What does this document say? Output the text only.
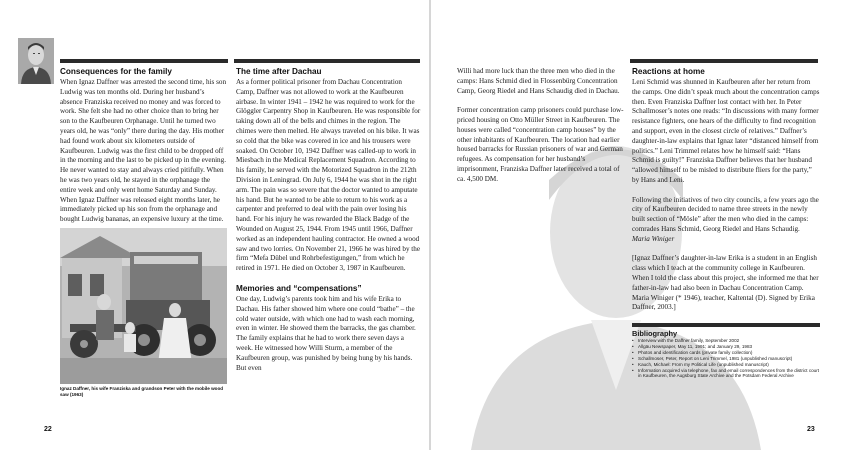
Consequences for the family

When Ignaz Daffner was arrested the second time, his son Ludwig was ten months old. During her husband’s absence Franziska received no money and was forced to work. She felt she had no other choice than to bring her son to the Kaufbeuren Orphanage. Until he turned two years old, he was “only” there during the day. His mother had found work about six kilometers outside of Kaufbeuren. Ludwig was the first child to be dropped off in the morning and the last to be picked up in the evening. He never wanted to stay and always cried pitifully. When he was two years old, he stayed in the orphanage the entire week and only went home Saturday and Sunday. When Ignaz Daffner was released eight months later, he immediately picked up his son from the orphanage and bought Ludwig bananas, an expensive luxury at the time.

Ignaz Daffner, his wife Franziska and grandson Peter with the mobile wood saw (1963)
The time after Dachau

As a former political prisoner from Dachau Concentration Camp, Daffner was not allowed to work at the Kaufbeuren airbase. In winter 1941 – 1942 he was required to work for the Glöggler Carpentry Shop in Kaufbeuren. He was responsible for taking down all of the bells and chimes in the region. The chimes were then melted. He always traveled on his bike. It was so cold that the bike was covered in ice and his trousers were soaked. On October 10, 1942 Daffner was called-up to work in Miesbach in the Medical Replacement Squadron. According to his family, he served with the Motorized Squadron in the 212th Division in Leningrad. On July 6, 1944 he was shot in the right arm. The pain was so severe that the doctor wanted to amputate his hand. But he wanted to be able to return to his work as a carpenter and preferred to deal with the pain over losing his hand. For his injury he was rewarded the Black Badge of the Wounded on August 25, 1944. From 1945 until 1966, Daffner worked as an independent hauling contractor. He owned a wood saw and two lorries. On November 21, 1966 he was hired by the firm “Mefa Dübel und Rohrbefestigungen,” from which he retired in 1971. He died on October 3, 1987 in Kaufbeuren.

Memories and “compensations”

One day, Ludwig’s parents took him and his wife Erika to Dachau. His father showed him where one could “bathe” – the cold water outside, with which one had to wash each morning, even in winter. He showed them the barracks, the gas chamber. The family explains that he had to work there seven days a week. He witnessed how Willi Sturm, a member of the Kaufbeuren group, was punished by being hung by his hands. But even

22

Willi had more luck than the three men who died in the camps: Hans Schmid died in Flossenbürg Concentration Camp, Georg Riedel and Hans Schaudig died in Dachau.

Former concentration camp prisoners could purchase low-priced housing on Otto Müller Street in Kaufbeuren. The houses were called “concentration camp houses” by the other inhabitants of Kaufbeuren. The location had earlier housed barracks for Russian prisoners of war and German refugees. As compensation for her husband’s imprisonment, Franziska Daffner later received a total of ca. 4,500 DM.

Reactions at home

Leni Schmid was shunned in Kaufbeuren after her return from the camps. One didn’t speak much about the concentration camps then. Even Franziska Daffner lost contact with her. In Peter Schallmoser’s notes one reads: “In discussions with many former resistance fighters, one hears of the difficulty to find recognition and support, even in the closest circle of relatives.” Daffner’s daughter-in-law explains that Ignaz later “distanced himself from politics.” Leni Trimmel relates how he himself said: “Hans Schmid is guilty!” Franziska Daffner believes that her husband “allowed himself to be misled to distribute fliers for the party,” by Hans and Leni.

Following the initiatives of two city councils, a few years ago the city of Kaufbeuren decided to name three streets in the newly built section of “Mösle” after the men who died in the camps: comrades Hans Schmid, Georg Riedel and Hans Schaudig.
Maria Winiger

[Ignaz Daffner’s daughter-in-law Erika is a student in an English class which I teach at the community college in Kaufbeuren. When I told the class about this project, she informed me that her father-in-law had also been in Dachau Concentration Camp. Maria Winiger (* 1946), teacher, Kaltental (D). Signed by Erika Daffner, 2003.]

Bibliography
• Interview with the Daffner family, September 2002
• Allgäu Newspaper, May 11, 1991; and January 29, 1983
• Photos and identification cards (private family collection)
• Schallmoser, Peter, Report on Leni Trimmel, 1981 (unpublished manuscript)
• Kauch, Michael: From my Political Life (unpublished manuscript)
• Information acquired via telephone, fax and email correspondences from the district court in Kaufbeuren, the Augsburg State Archive and the Potsdam Federal Archive
23
